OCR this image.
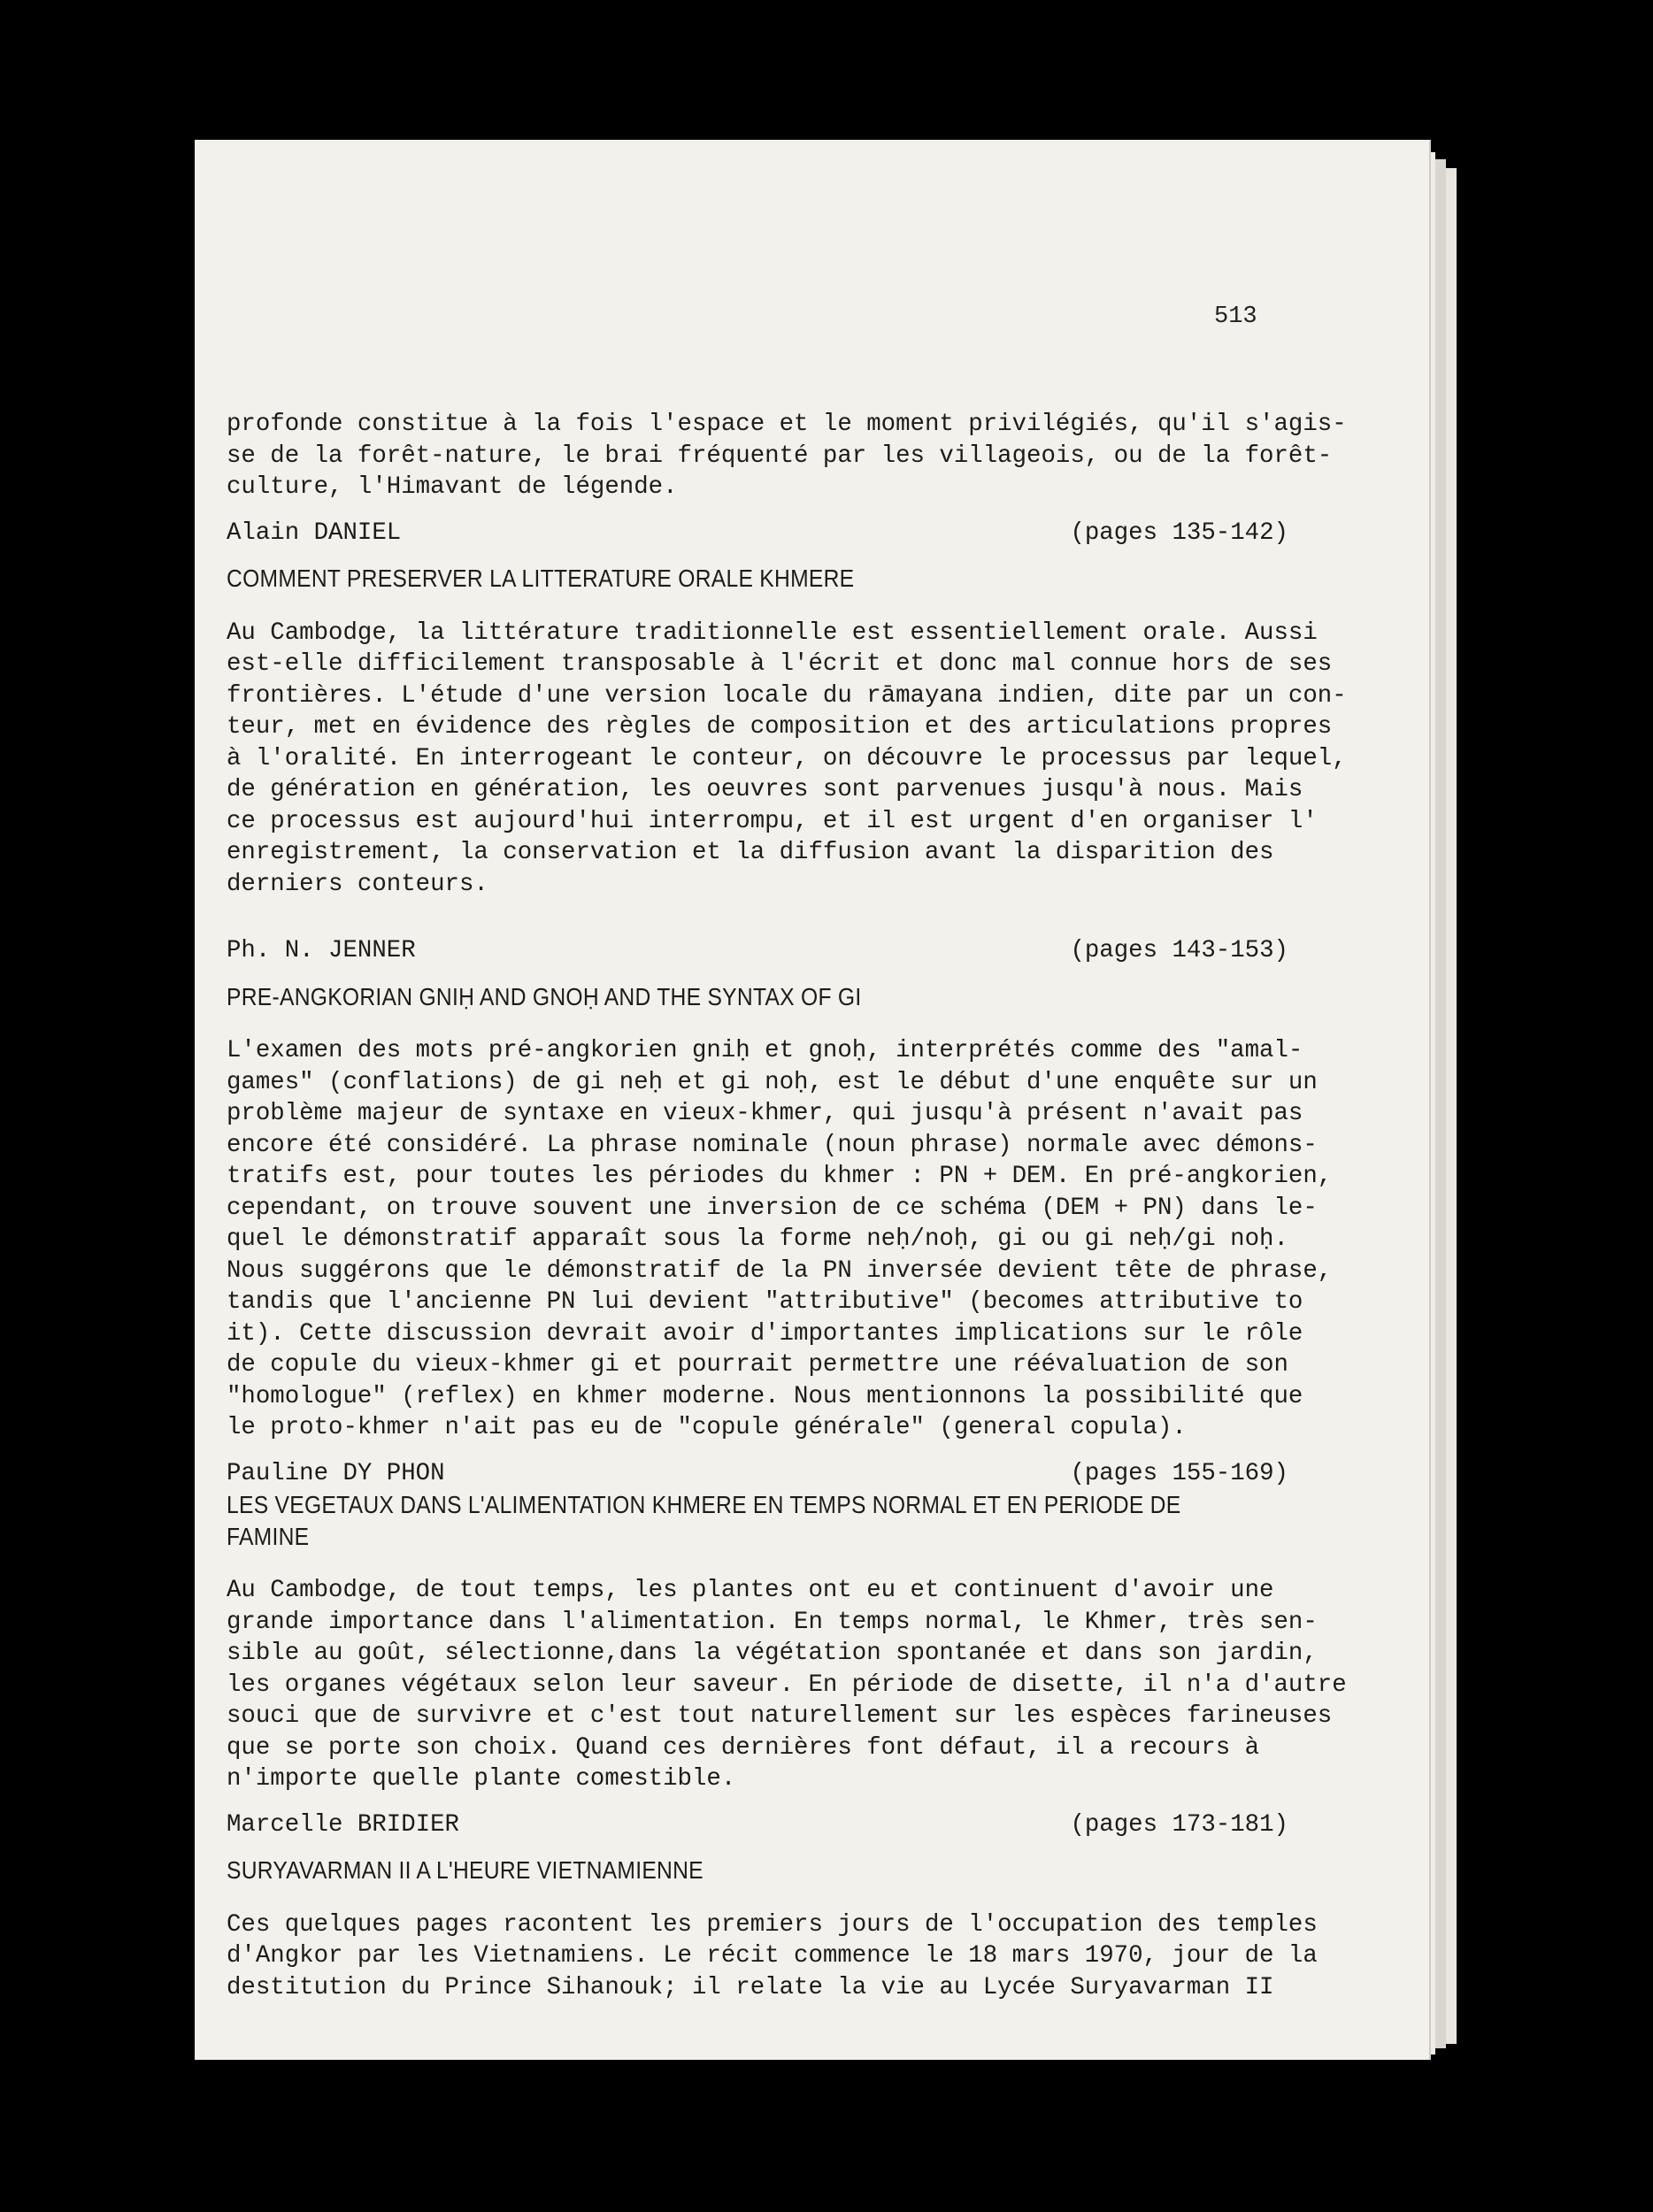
513
profonde constitue à la fois l'espace et le moment privilégiés, qu'il s'agis-
se de la forêt-nature, le brai fréquenté par les villageois, ou de la forêt-
culture, l'Himavant de légende.
Alain DANIEL	(pages 135-142)
COMMENT PRESERVER LA LITTERATURE ORALE KHMERE
Au Cambodge, la littérature traditionnelle est essentiellement orale. Aussi
est-elle difficilement transposable à l'écrit et donc mal connue hors de ses
frontières. L'étude d'une version locale du rāmayana indien, dite par un con-
teur, met en évidence des règles de composition et des articulations propres
à l'oralité. En interrogeant le conteur, on découvre le processus par lequel,
de génération en génération, les oeuvres sont parvenues jusqu'à nous. Mais
ce processus est aujourd'hui interrompu, et il est urgent d'en organiser l'
enregistrement, la conservation et la diffusion avant la disparition des
derniers conteurs.
Ph. N. JENNER	(pages 143-153)
PRE-ANGKORIAN GNIḤ AND GNOḤ AND THE SYNTAX OF GI
L'examen des mots pré-angkorien gniḥ et gnoḥ, interprétés comme des "amal-
games" (conflations) de gi neḥ et gi noḥ, est le début d'une enquête sur un
problème majeur de syntaxe en vieux-khmer, qui jusqu'à présent n'avait pas
encore été considéré. La phrase nominale (noun phrase) normale avec démons-
tratifs est, pour toutes les périodes du khmer : PN + DEM. En pré-angkorien,
cependant, on trouve souvent une inversion de ce schéma (DEM + PN) dans le-
quel le démonstratif apparaît sous la forme neḥ/noḥ, gi ou gi neḥ/gi noḥ.
Nous suggérons que le démonstratif de la PN inversée devient tête de phrase,
tandis que l'ancienne PN lui devient "attributive" (becomes attributive to
it). Cette discussion devrait avoir d'importantes implications sur le rôle
de copule du vieux-khmer gi et pourrait permettre une réévaluation de son
"homologue" (reflex) en khmer moderne. Nous mentionnons la possibilité que
le proto-khmer n'ait pas eu de "copule générale" (general copula).
Pauline DY PHON	(pages 155-169)
LES VEGETAUX DANS L'ALIMENTATION KHMERE EN TEMPS NORMAL ET EN PERIODE DE
FAMINE
Au Cambodge, de tout temps, les plantes ont eu et continuent d'avoir une
grande importance dans l'alimentation. En temps normal, le Khmer, très sen-
sible au goût, sélectionne,dans la végétation spontanée et dans son jardin,
les organes végétaux selon leur saveur. En période de disette, il n'a d'autre
souci que de survivre et c'est tout naturellement sur les espèces farineuses
que se porte son choix. Quand ces dernières font défaut, il a recours à
n'importe quelle plante comestible.
Marcelle BRIDIER	(pages 173-181)
SURYAVARMAN II A L'HEURE VIETNAMIENNE
Ces quelques pages racontent les premiers jours de l'occupation des temples
d'Angkor par les Vietnamiens. Le récit commence le 18 mars 1970, jour de la
destitution du Prince Sihanouk; il relate la vie au Lycée Suryavarman II
